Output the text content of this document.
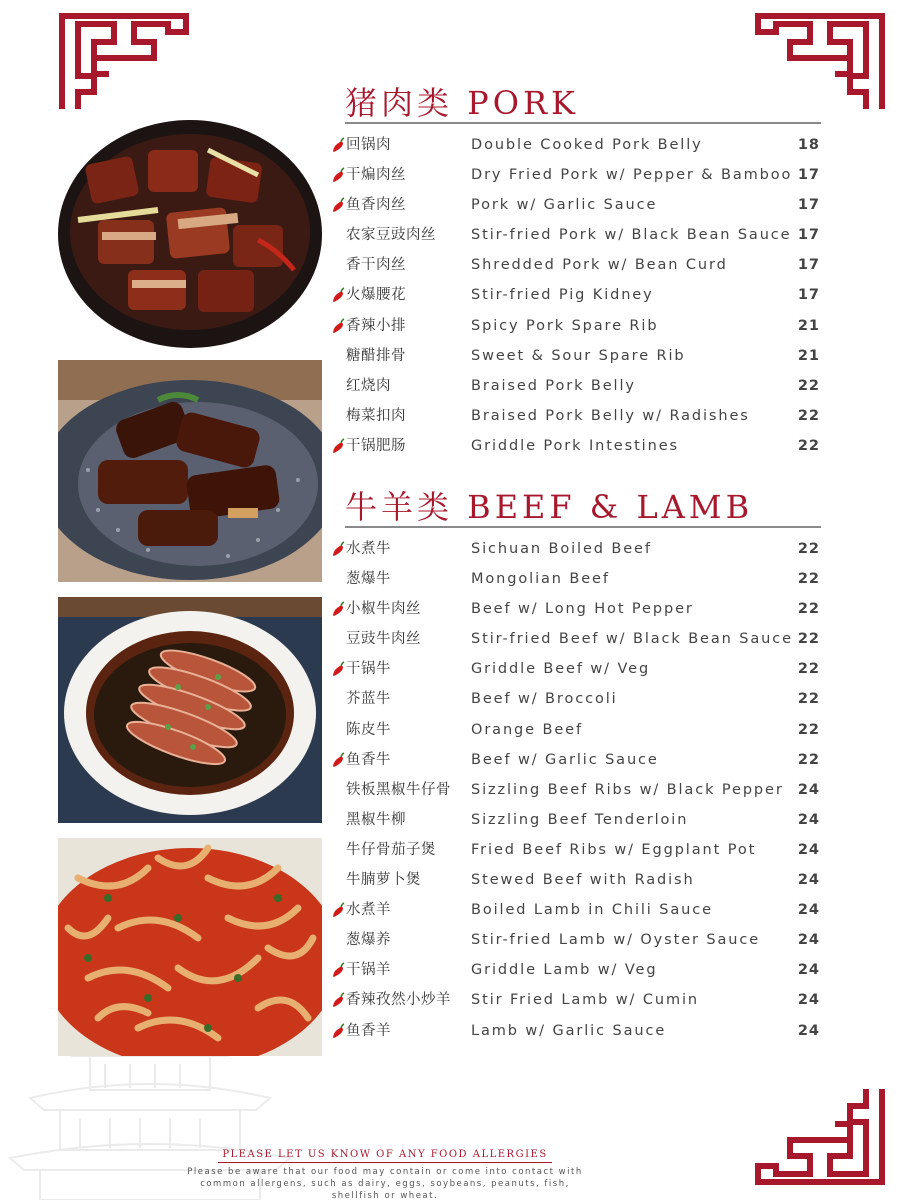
猪肉类 PORK
回锅肉	Double Cooked Pork Belly	18
干煸肉丝	Dry Fried Pork w/ Pepper & Bamboo 17
鱼香肉丝	Pork w/ Garlic Sauce	17
农家豆豉肉丝 Stir-fried Pork w/ Black Bean Sauce 17
香干肉丝	Shredded Pork w/ Bean Curd	17
火爆腰花	Stir-fried Pig Kidney	17
香辣小排	Spicy Pork Spare Rib	21
糖醋排骨	Sweet & Sour Spare Rib	21
红烧肉	Braised Pork Belly	22
梅菜扣肉	Braised Pork Belly w/ Radishes	22
干锅肥肠	Griddle Pork Intestines	22
牛羊类 BEEF & LAMB
水煮牛	Sichuan Boiled Beef	22
葱爆牛	Mongolian Beef	22
小椒牛肉丝	Beef w/ Long Hot Pepper	22
豆豉牛肉丝	Stir-fried Beef w/ Black Bean Sauce 22
干锅牛	Griddle Beef w/ Veg	22
芥蓝牛	Beef w/ Broccoli	22
陈皮牛	Orange Beef	22
鱼香牛	Beef w/ Garlic Sauce	22
铁板黑椒牛仔骨 Sizzling Beef Ribs w/ Black Pepper 24
黑椒牛柳	Sizzling Beef Tenderloin	24
牛仔骨茄子煲 Fried Beef Ribs w/ Eggplant Pot	24
牛腩萝卜煲	Stewed Beef with Radish	24
水煮羊	Boiled Lamb in Chili Sauce	24
葱爆养	Stir-fried Lamb w/ Oyster Sauce	24
干锅羊	Griddle Lamb w/ Veg	24
香辣孜然小炒羊 Stir Fried Lamb w/ Cumin	24
鱼香羊	Lamb w/ Garlic Sauce	24
PLEASE LET US KNOW OF ANY FOOD ALLERGIES
Please be aware that our food may contain or come into contact with common allergens, such as dairy, eggs, soybeans, peanuts, fish, shellfish or wheat.
